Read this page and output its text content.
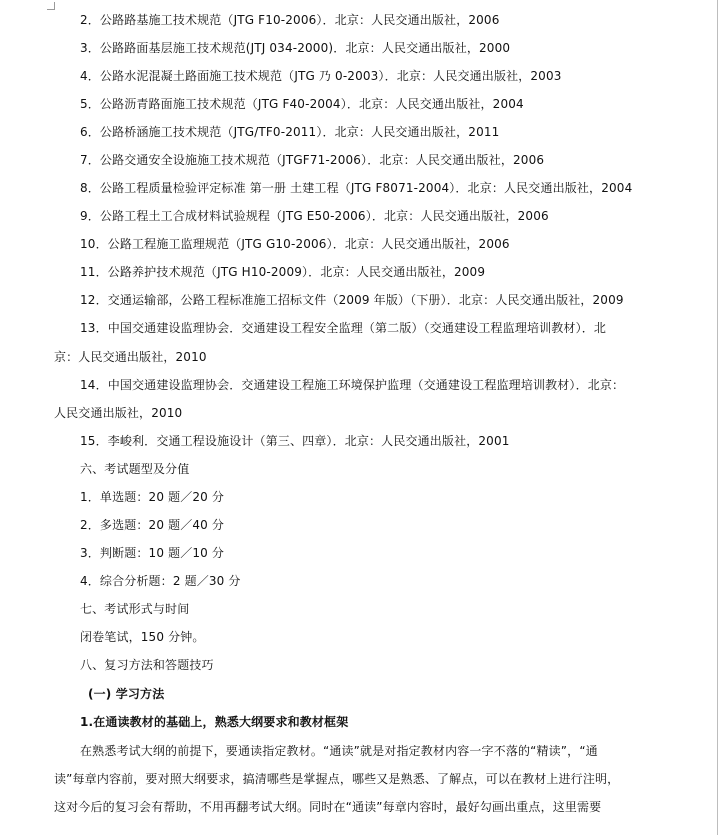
2．公路路基施工技术规范（JTG F10-2006）．北京：人民交通出版社，2006
3．公路路面基层施工技术规范(JTJ 034-2000)．北京：人民交通出版社，2000
4．公路水泥混凝土路面施工技术规范（JTG 乃 0-2003）．北京：人民交通出版社，2003
5．公路沥青路面施工技术规范（JTG F40-2004）．北京：人民交通出版社，2004
6．公路桥涵施工技术规范（JTG/TF0-2011）．北京：人民交通出版社，2011
7．公路交通安全设施施工技术规范（JTGF71-2006）．北京：人民交通出版社，2006
8．公路工程质量检验评定标准 第一册 土建工程（JTG F8071-2004）．北京：人民交通出版社，2004
9．公路工程土工合成材料试验规程（JTG E50-2006）．北京：人民交通出版社，2006
10．公路工程施工监理规范（JTG G10-2006）．北京：人民交通出版社，2006
11．公路养护技术规范（JTG H10-2009）．北京：人民交通出版社，2009
12．交通运输部，公路工程标准施工招标文件（2009 年版）（下册）．北京：人民交通出版社，2009
13．中国交通建设监理协会．交通建设工程安全监理（第二版）（交通建设工程监理培训教材）．北
京：人民交通出版社，2010
14．中国交通建设监理协会．交通建设工程施工环境保护监理（交通建设工程监理培训教材）．北京：
人民交通出版社，2010
15．李峻利．交通工程设施设计（第三、四章）．北京：人民交通出版社，2001
六、考试题型及分值
1．单选题：20 题／20 分
2．多选题：20 题／40 分
3．判断题：10 题／10 分
4．综合分析题：2 题／30 分
七、考试形式与时间
闭卷笔试，150 分钟。
八、复习方法和答题技巧
(一) 学习方法
1.在通读教材的基础上，熟悉大纲要求和教材框架
在熟悉考试大纲的前提下，要通读指定教材。“通读”就是对指定教材内容一字不落的“精读”，“通
读”每章内容前，要对照大纲要求，搞清哪些是掌握点，哪些又是熟悉、了解点，可以在教材上进行注明，
这对今后的复习会有帮助，不用再翻考试大纲。同时在“通读”每章内容时，最好勾画出重点，这里需要
